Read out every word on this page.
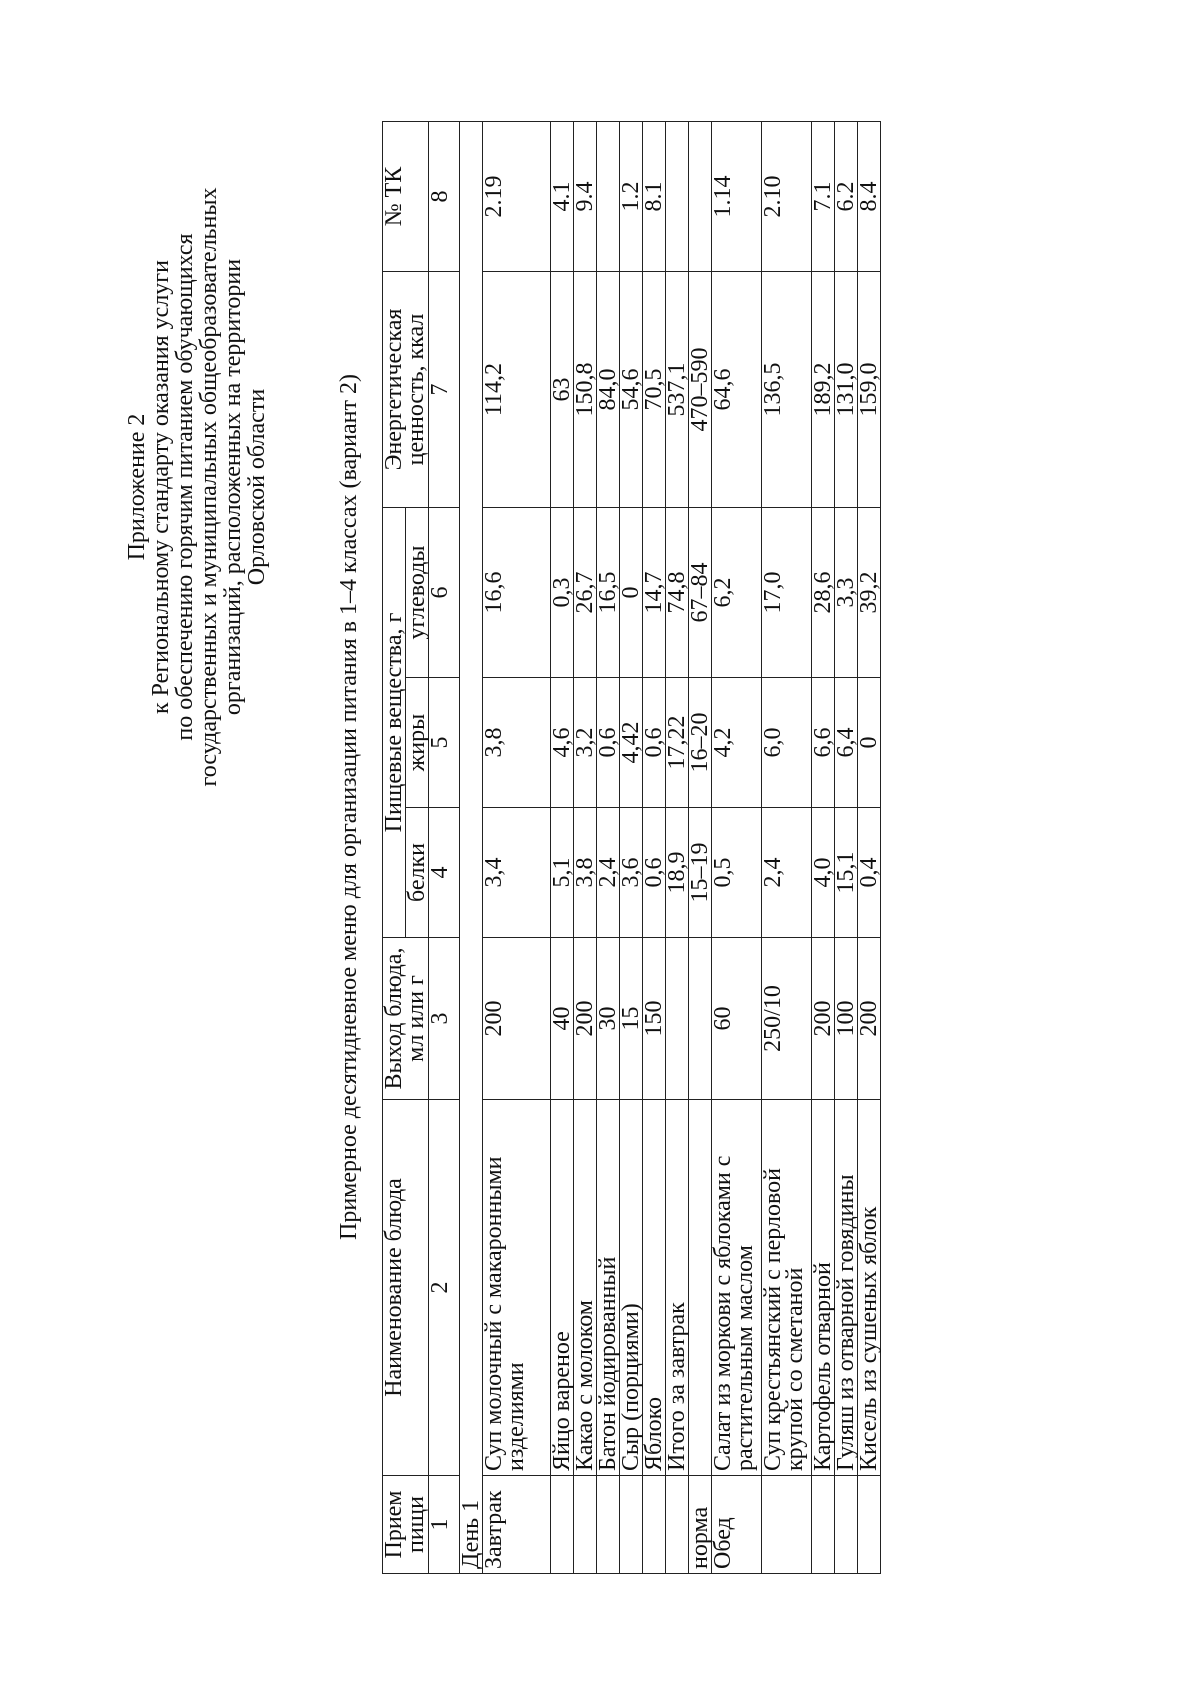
Приложение 2
к Региональному стандарту оказания услуги
по обеспечению горячим питанием обучающихся
государственных и муниципальных общеобразовательных
организаций, расположенных на территории
Орловской области	Примерное десятидневное меню для организации питания в 1–4 классах (вариант 2)
Прием пищи	Наименование блюда	Выход блюда, мл или г	Пищевые вещества, г			Энергетическая ценность, ккал	№ ТК
			белки	жиры	углеводы		
1	2	3	4	5	6	7	8
День 1							
Завтрак	Суп молочный с макаронными изделиями	200	3,4	3,8	16,6	114,2	2.19
	Яйцо вареное	40	5,1	4,6	0,3	63	4.1
	Какао с молоком	200	3,8	3,2	26,7	150,8	9.4
	Батон йодированный	30	2,4	0,6	16,5	84,0	
	Сыр (порциями)	15	3,6	4,42	0	54,6	1.2
	Яблоко	150	0,6	0,6	14,7	70,5	8.1
	Итого за завтрак		18,9	17,22	74,8	537,1	
норма			15–19	16–20	67–84	470–590	
Обед	Салат из моркови с яблоками с растительным маслом	60	0,5	4,2	6,2	64,6	1.14
	Суп крестьянский с перловой крупой со сметаной	250/10	2,4	6,0	17,0	136,5	2.10
	Картофель отварной	200	4,0	6,6	28,6	189,2	7.1
	Гуляш из отварной говядины	100	15,1	6,4	3,3	131,0	6.2
	Кисель из сушеных яблок	200	0,4	0	39,2	159,0	8.4
